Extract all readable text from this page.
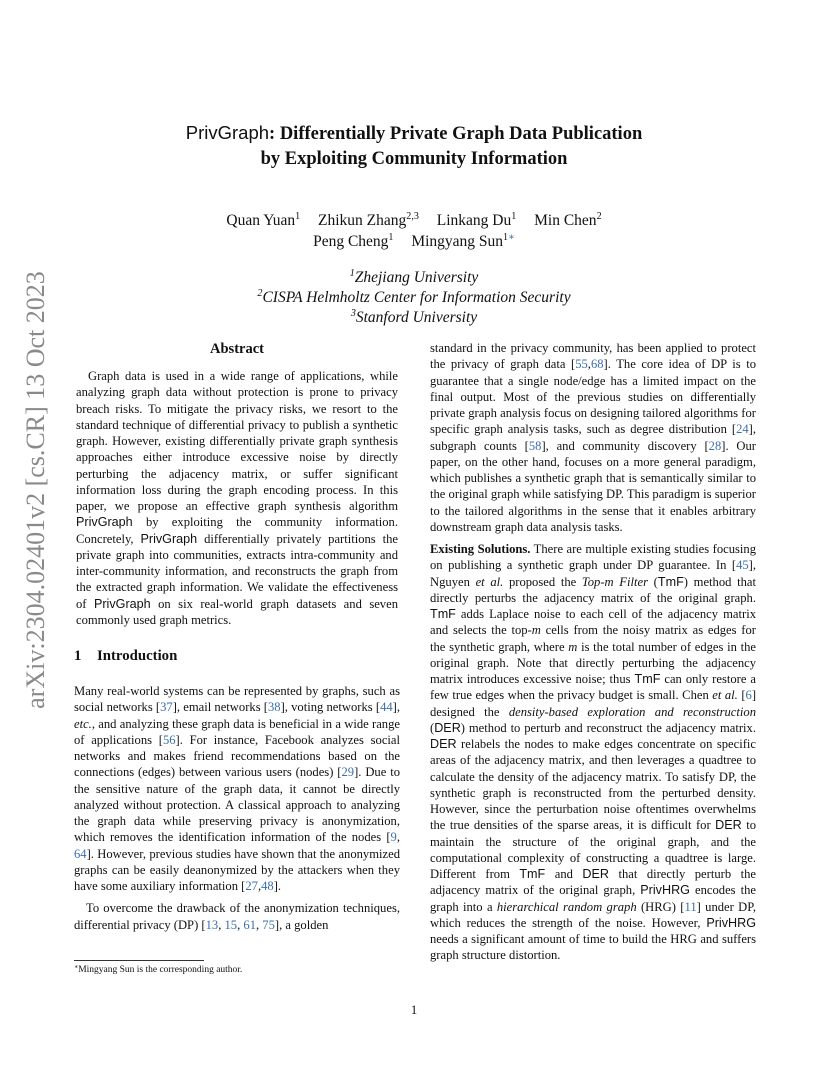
arXiv:2304.02401v2 [cs.CR] 13 Oct 2023
PrivGraph: Differentially Private Graph Data Publication
by Exploiting Community Information
Quan Yuan$^1$ Zhikun Zhang$^{2,3}$ Linkang Du$^1$ Min Chen$^2$
Peng Cheng$^1$ Mingyang Sun$^{1∗}$
$^1$Zhejiang University
$^2$CISPA Helmholtz Center for Information Security
$^3$Stanford University
Abstract

Graph data is used in a wide range of applications, while analyzing graph data without protection is prone to privacy breach risks. To mitigate the privacy risks, we resort to the standard technique of differential privacy to publish a synthetic graph. However, existing differentially private graph synthesis approaches either introduce excessive noise by directly perturbing the adjacency matrix, or suffer significant information loss during the graph encoding process. In this paper, we propose an effective graph synthesis algorithm PrivGraph by exploiting the community information. Concretely, PrivGraph differentially privately partitions the private graph into communities, extracts intra-community and inter-community information, and reconstructs the graph from the extracted graph information. We validate the effectiveness of PrivGraph on six real-world graph datasets and seven commonly used graph metrics.

1 Introduction

Many real-world systems can be represented by graphs, such as social networks [37], email networks [38], voting networks [44], etc., and analyzing these graph data is beneficial in a wide range of applications [56]. For instance, Facebook analyzes social networks and makes friend recommendations based on the connections (edges) between various users (nodes) [29]. Due to the sensitive nature of the graph data, it cannot be directly analyzed without protection. A classical approach to analyzing the graph data while preserving privacy is anonymization, which removes the identification information of the nodes [9, 64]. However, previous studies have shown that the anonymized graphs can be easily deanonymized by the attackers when they have some auxiliary information [27,48].

To overcome the drawback of the anonymization techniques, differential privacy (DP) [13, 15, 61, 75], a golden

standard in the privacy community, has been applied to protect the privacy of graph data [55,68]. The core idea of DP is to guarantee that a single node/edge has a limited impact on the final output. Most of the previous studies on differentially private graph analysis focus on designing tailored algorithms for specific graph analysis tasks, such as degree distribution [24], subgraph counts [58], and community discovery [28]. Our paper, on the other hand, focuses on a more general paradigm, which publishes a synthetic graph that is semantically similar to the original graph while satisfying DP. This paradigm is superior to the tailored algorithms in the sense that it enables arbitrary downstream graph data analysis tasks.

Existing Solutions. There are multiple existing studies focusing on publishing a synthetic graph under DP guarantee. In [45], Nguyen et al. proposed the Top-m Filter (TmF) method that directly perturbs the adjacency matrix of the original graph. TmF adds Laplace noise to each cell of the adjacency matrix and selects the top-m cells from the noisy matrix as edges for the synthetic graph, where m is the total number of edges in the original graph. Note that directly perturbing the adjacency matrix introduces excessive noise; thus TmF can only restore a few true edges when the privacy budget is small. Chen et al. [6] designed the density-based exploration and reconstruction (DER) method to perturb and reconstruct the adjacency matrix. DER relabels the nodes to make edges concentrate on specific areas of the adjacency matrix, and then leverages a quadtree to calculate the density of the adjacency matrix. To satisfy DP, the synthetic graph is reconstructed from the perturbed density. However, since the perturbation noise oftentimes overwhelms the true densities of the sparse areas, it is difficult for DER to maintain the structure of the original graph, and the computational complexity of constructing a quadtree is large. Different from TmF and DER that directly perturb the adjacency matrix of the original graph, PrivHRG encodes the graph into a hierarchical random graph (HRG) [11] under DP, which reduces the strength of the noise. However, PrivHRG needs a significant amount of time to build the HRG and suffers graph structure distortion.

∗Mingyang Sun is the corresponding author.
1
